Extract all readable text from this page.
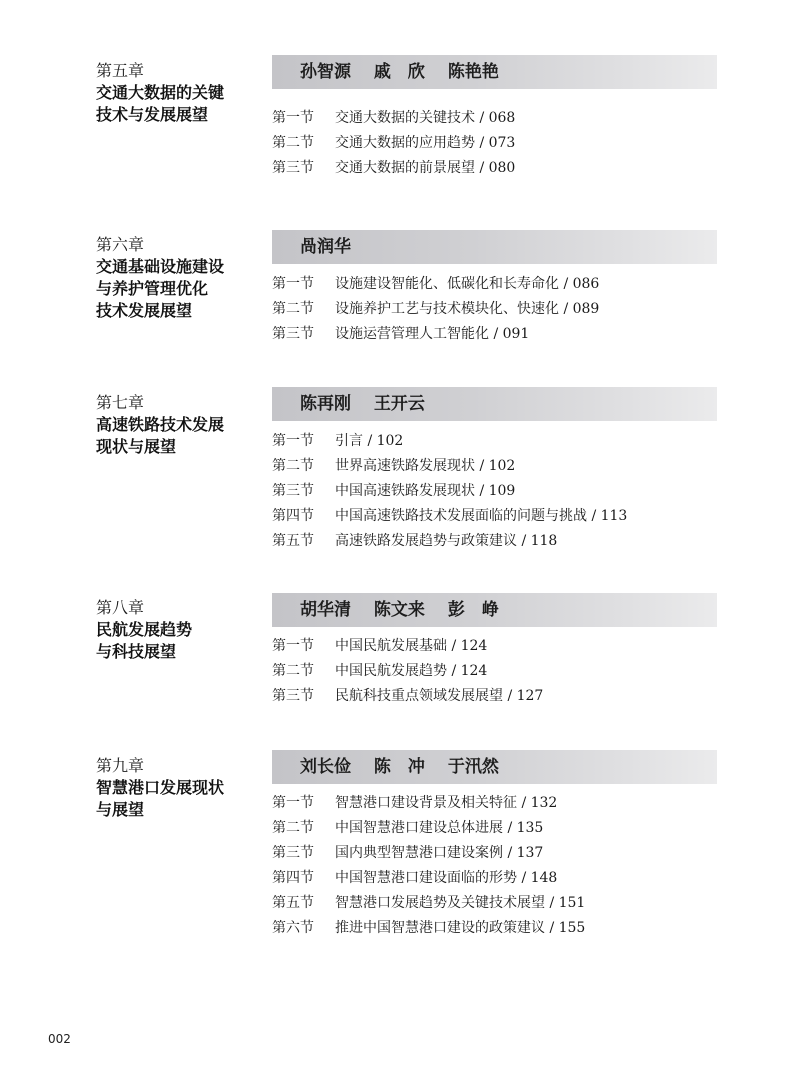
第五章
交通大数据的关键
技术与发展展望
孙智源　 戚　欣　 陈艳艳
第一节 交通大数据的关键技术 / 068
第二节 交通大数据的应用趋势 / 073
第三节 交通大数据的前景展望 / 080
第六章
交通基础设施建设
与养护管理优化
技术发展展望
咼润华
第一节 设施建设智能化、低碳化和长寿命化 / 086
第二节 设施养护工艺与技术模块化、快速化 / 089
第三节 设施运营管理人工智能化 / 091
第七章
高速铁路技术发展
现状与展望
陈再刚　 王开云
第一节 引言 / 102
第二节 世界高速铁路发展现状 / 102
第三节 中国高速铁路发展现状 / 109
第四节 中国高速铁路技术发展面临的问题与挑战 / 113
第五节 高速铁路发展趋势与政策建议 / 118
第八章
民航发展趋势
与科技展望
胡华清　 陈文来　 彭　峥
第一节 中国民航发展基础 / 124
第二节 中国民航发展趋势 / 124
第三节 民航科技重点领域发展展望 / 127
第九章
智慧港口发展现状
与展望
刘长俭　 陈　冲　 于汛然
第一节 智慧港口建设背景及相关特征 / 132
第二节 中国智慧港口建设总体进展 / 135
第三节 国内典型智慧港口建设案例 / 137
第四节 中国智慧港口建设面临的形势 / 148
第五节 智慧港口发展趋势及关键技术展望 / 151
第六节 推进中国智慧港口建设的政策建议 / 155
002
